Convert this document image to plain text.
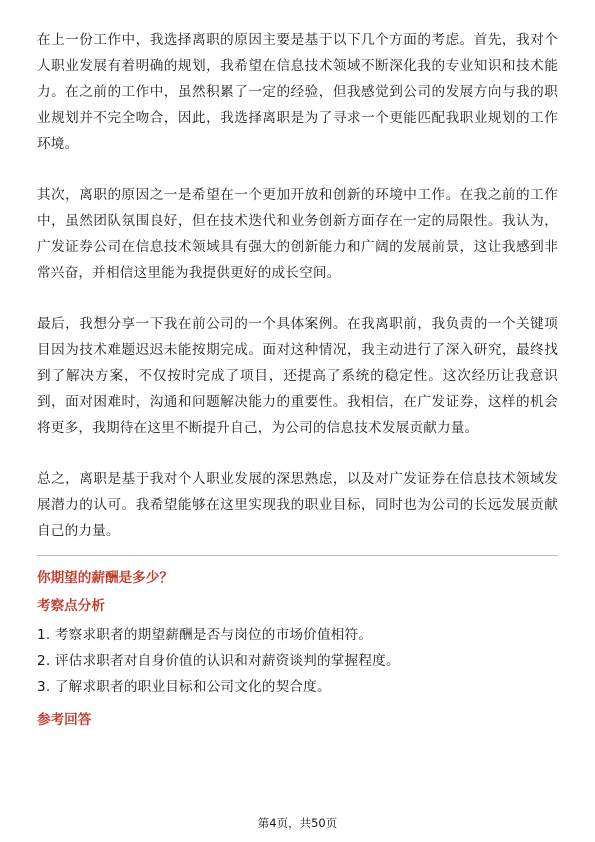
在上一份工作中，我选择离职的原因主要是基于以下几个方面的考虑。首先，我对个人职业发展有着明确的规划，我希望在信息技术领域不断深化我的专业知识和技术能力。在之前的工作中，虽然积累了一定的经验，但我感觉到公司的发展方向与我的职业规划并不完全吻合，因此，我选择离职是为了寻求一个更能匹配我职业规划的工作环境。

其次，离职的原因之一是希望在一个更加开放和创新的环境中工作。在我之前的工作中，虽然团队氛围良好，但在技术迭代和业务创新方面存在一定的局限性。我认为，广发证券公司在信息技术领域具有强大的创新能力和广阔的发展前景，这让我感到非常兴奋，并相信这里能为我提供更好的成长空间。

最后，我想分享一下我在前公司的一个具体案例。在我离职前，我负责的一个关键项目因为技术难题迟迟未能按期完成。面对这种情况，我主动进行了深入研究，最终找到了解决方案，不仅按时完成了项目，还提高了系统的稳定性。这次经历让我意识到，面对困难时，沟通和问题解决能力的重要性。我相信，在广发证券，这样的机会将更多，我期待在这里不断提升自己，为公司的信息技术发展贡献力量。

总之，离职是基于我对个人职业发展的深思熟虑，以及对广发证券在信息技术领域发展潜力的认可。我希望能够在这里实现我的职业目标，同时也为公司的长远发展贡献自己的力量。

你期望的薪酬是多少？
考察点分析
1. 考察求职者的期望薪酬是否与岗位的市场价值相符。
2. 评估求职者对自身价值的认识和对薪资谈判的掌握程度。
3. 了解求职者的职业目标和公司文化的契合度。
参考回答
第4页，共50页
